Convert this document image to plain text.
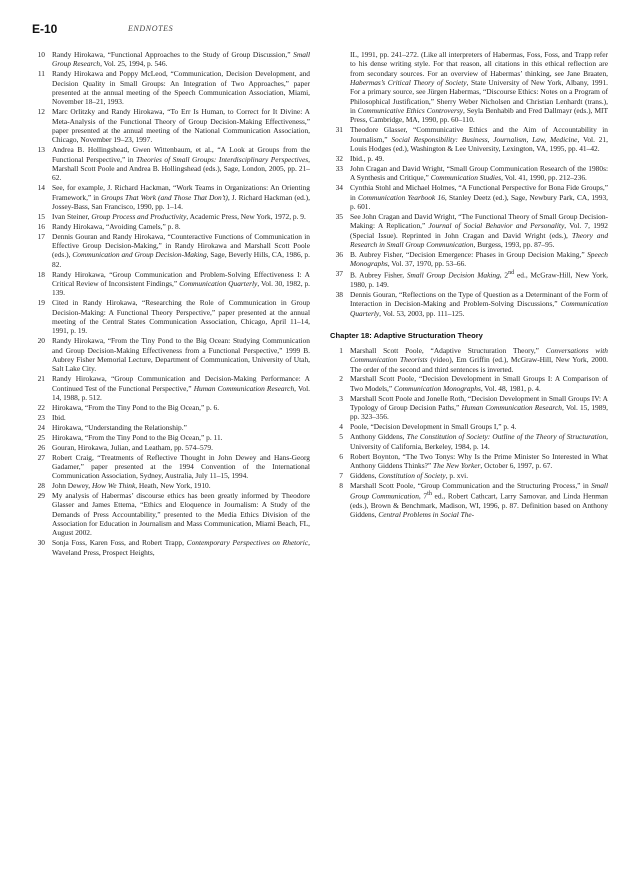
E-10	ENDNOTES
10 Randy Hirokawa, “Functional Approaches to the Study of Group Discussion,” Small Group Research, Vol. 25, 1994, p. 546.
11 Randy Hirokawa and Poppy McLeod, “Communication, Decision Development, and Decision Quality in Small Groups: An Integration of Two Approaches,” paper presented at the annual meeting of the Speech Communication Association, Miami, November 18–21, 1993.
12 Marc Orlitzky and Randy Hirokawa, “To Err Is Human, to Correct for It Divine: A Meta-Analysis of the Functional Theory of Group Decision-Making Effectiveness,” paper presented at the annual meeting of the National Communication Association, Chicago, November 19–23, 1997.
13 Andrea B. Hollingshead, Gwen Wittenbaum, et al., “A Look at Groups from the Functional Perspective,” in Theories of Small Groups: Interdisciplinary Perspectives, Marshall Scott Poole and Andrea B. Hollingshead (eds.), Sage, London, 2005, pp. 21–62.
14 See, for example, J. Richard Hackman, “Work Teams in Organizations: An Orienting Framework,” in Groups That Work (and Those That Don’t), J. Richard Hackman (ed.), Jossey-Bass, San Francisco, 1990, pp. 1–14.
15 Ivan Steiner, Group Process and Productivity, Academic Press, New York, 1972, p. 9.
16 Randy Hirokawa, “Avoiding Camels,” p. 8.
17 Dennis Gouran and Randy Hirokawa, “Counteractive Functions of Communication in Effective Group Decision-Making,” in Randy Hirokawa and Marshall Scott Poole (eds.), Communication and Group Decision-Making, Sage, Beverly Hills, CA, 1986, p. 82.
18 Randy Hirokawa, “Group Communication and Problem-Solving Effectiveness I: A Critical Review of Inconsistent Findings,” Communication Quarterly, Vol. 30, 1982, p. 139.
19 Cited in Randy Hirokawa, “Researching the Role of Communication in Group Decision-Making: A Functional Theory Perspective,” paper presented at the annual meeting of the Central States Communication Association, Chicago, April 11–14, 1991, p. 19.
20 Randy Hirokawa, “From the Tiny Pond to the Big Ocean: Studying Communication and Group Decision-Making Effectiveness from a Functional Perspective,” 1999 B. Aubrey Fisher Memorial Lecture, Department of Communication, University of Utah, Salt Lake City.
21 Randy Hirokawa, “Group Communication and Decision-Making Performance: A Continued Test of the Functional Perspective,” Human Communication Research, Vol. 14, 1988, p. 512.
22 Hirokawa, “From the Tiny Pond to the Big Ocean,” p. 6.
23 Ibid.
24 Hirokawa, “Understanding the Relationship.”
25 Hirokawa, “From the Tiny Pond to the Big Ocean,” p. 11.
26 Gouran, Hirokawa, Julian, and Leatham, pp. 574–579.
27 Robert Craig, “Treatments of Reflective Thought in John Dewey and Hans-Georg Gadamer,” paper presented at the 1994 Convention of the International Communication Association, Sydney, Australia, July 11–15, 1994.
28 John Dewey, How We Think, Heath, New York, 1910.
29 My analysis of Habermas’ discourse ethics has been greatly informed by Theodore Glasser and James Ettema, “Ethics and Eloquence in Journalism: A Study of the Demands of Press Accountability,” presented to the Media Ethics Division of the Association for Education in Journalism and Mass Communication, Miami Beach, FL, August 2002.
30 Sonja Foss, Karen Foss, and Robert Trapp, Contemporary Perspectives on Rhetoric, Waveland Press, Prospect Heights,
IL, 1991, pp. 241–272. (Like all interpreters of Habermas, Foss, Foss, and Trapp refer to his dense writing style. For that reason, all citations in this ethical reflection are from secondary sources. For an overview of Habermas’ thinking, see Jane Braaten, Habermas’s Critical Theory of Society, State University of New York, Albany, 1991. For a primary source, see Jürgen Habermas, “Discourse Ethics: Notes on a Program of Philosophical Justification,” Sherry Weber Nicholsen and Christian Lenhardt (trans.), in Communicative Ethics Controversy, Seyla Benhabib and Fred Dallmayr (eds.), MIT Press, Cambridge, MA, 1990, pp. 60–110.
31 Theodore Glasser, “Communicative Ethics and the Aim of Accountability in Journalism,” Social Responsibility: Business, Journalism, Law, Medicine, Vol. 21, Louis Hodges (ed.), Washington & Lee University, Lexington, VA, 1995, pp. 41–42.
32 Ibid., p. 49.
33 John Cragan and David Wright, “Small Group Communication Research of the 1980s: A Synthesis and Critique,” Communication Studies, Vol. 41, 1990, pp. 212–236.
34 Cynthia Stohl and Michael Holmes, “A Functional Perspective for Bona Fide Groups,” in Communication Yearbook 16, Stanley Deetz (ed.), Sage, Newbury Park, CA, 1993, p. 601.
35 See John Cragan and David Wright, “The Functional Theory of Small Group Decision-Making: A Replication,” Journal of Social Behavior and Personality, Vol. 7, 1992 (Special Issue). Reprinted in John Cragan and David Wright (eds.), Theory and Research in Small Group Communication, Burgess, 1993, pp. 87–95.
36 B. Aubrey Fisher, “Decision Emergence: Phases in Group Decision Making,” Speech Monographs, Vol. 37, 1970, pp. 53–66.
37 B. Aubrey Fisher, Small Group Decision Making, 2nd ed., McGraw-Hill, New York, 1980, p. 149.
38 Dennis Gouran, “Reflections on the Type of Question as a Determinant of the Form of Interaction in Decision-Making and Problem-Solving Discussions,” Communication Quarterly, Vol. 53, 2003, pp. 111–125.
Chapter 18: Adaptive Structuration Theory
1 Marshall Scott Poole, “Adaptive Structuration Theory,” Conversations with Communication Theorists (video), Em Griffin (ed.), McGraw-Hill, New York, 2000. The order of the second and third sentences is inverted.
2 Marshall Scott Poole, “Decision Development in Small Groups I: A Comparison of Two Models,” Communication Monographs, Vol. 48, 1981, p. 4.
3 Marshall Scott Poole and Jonelle Roth, “Decision Development in Small Groups IV: A Typology of Group Decision Paths,” Human Communication Research, Vol. 15, 1989, pp. 323–356.
4 Poole, “Decision Development in Small Groups I,” p. 4.
5 Anthony Giddens, The Constitution of Society: Outline of the Theory of Structuration, University of California, Berkeley, 1984, p. 14.
6 Robert Boynton, “The Two Tonys: Why Is the Prime Minister So Interested in What Anthony Giddens Thinks?” The New Yorker, October 6, 1997, p. 67.
7 Giddens, Constitution of Society, p. xvi.
8 Marshall Scott Poole, “Group Communication and the Structuring Process,” in Small Group Communication, 7th ed., Robert Cathcart, Larry Samovar, and Linda Henman (eds.), Brown & Benchmark, Madison, WI, 1996, p. 87. Definition based on Anthony Giddens, Central Problems in Social The-
